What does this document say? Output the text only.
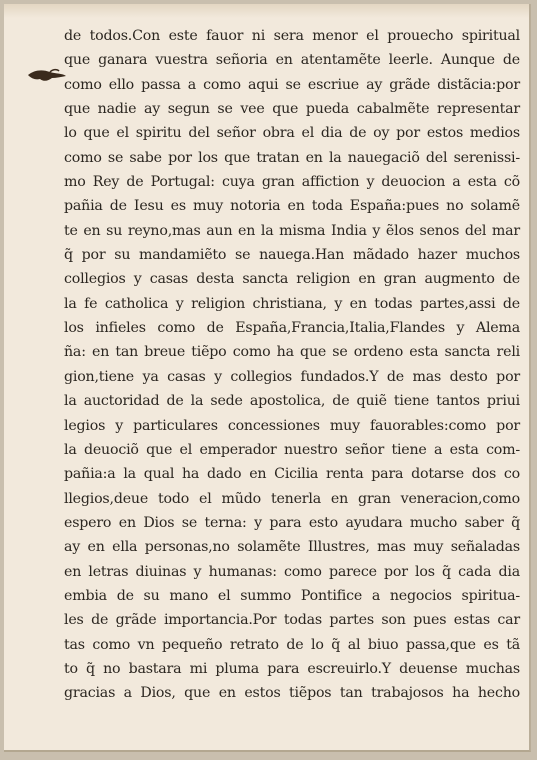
de todos.Con este fauor ni sera menor el prouecho spiritual
que ganara vuestra señoria en atentamẽte leerle. Aunque de
como ello passa a como aqui se escriue ay grãde distãcia:por
que nadie ay segun se vee que pueda cabalmẽte representar
lo que el spiritu del señor obra el dia de oy por estos medios
como se sabe por los que tratan en la nauegaciõ del serenissi-
mo Rey de Portugal: cuya gran affiction y deuocion a esta cõ
pañia de Iesu es muy notoria en toda España:pues no solamẽ
te en su reyno,mas aun en la misma India y ẽlos senos del mar
q̃ por su mandamiẽto se nauega.Han mãdado hazer muchos
collegios y casas desta sancta religion en gran augmento de
la fe catholica y religion christiana, y en todas partes,assi de
los infieles como de España,Francia,Italia,Flandes y Alema
ña: en tan breue tiẽpo como ha que se ordeno esta sancta reli
gion,tiene ya casas y collegios fundados.Y de mas desto por
la auctoridad de la sede apostolica, de quiẽ tiene tantos priui
legios y particulares concessiones muy fauorables:como por
la deuociõ que el emperador nuestro señor tiene a esta com-
pañia:a la qual ha dado en Cicilia renta para dotarse dos co
llegios,deue todo el mũdo tenerla en gran veneracion,como
espero en Dios se terna: y para esto ayudara mucho saber q̃
ay en ella personas,no solamẽte Illustres, mas muy señaladas
en letras diuinas y humanas: como parece por los q̃ cada dia
embia de su mano el summo Pontifice a negocios spiritua-
les de grãde importancia.Por todas partes son pues estas car
tas como vn pequeño retrato de lo q̃ al biuo passa,que es tã
to q̃ no bastara mi pluma para escreuirlo.Y deuense muchas
gracias a Dios, que en estos tiẽpos tan trabajosos ha hecho
